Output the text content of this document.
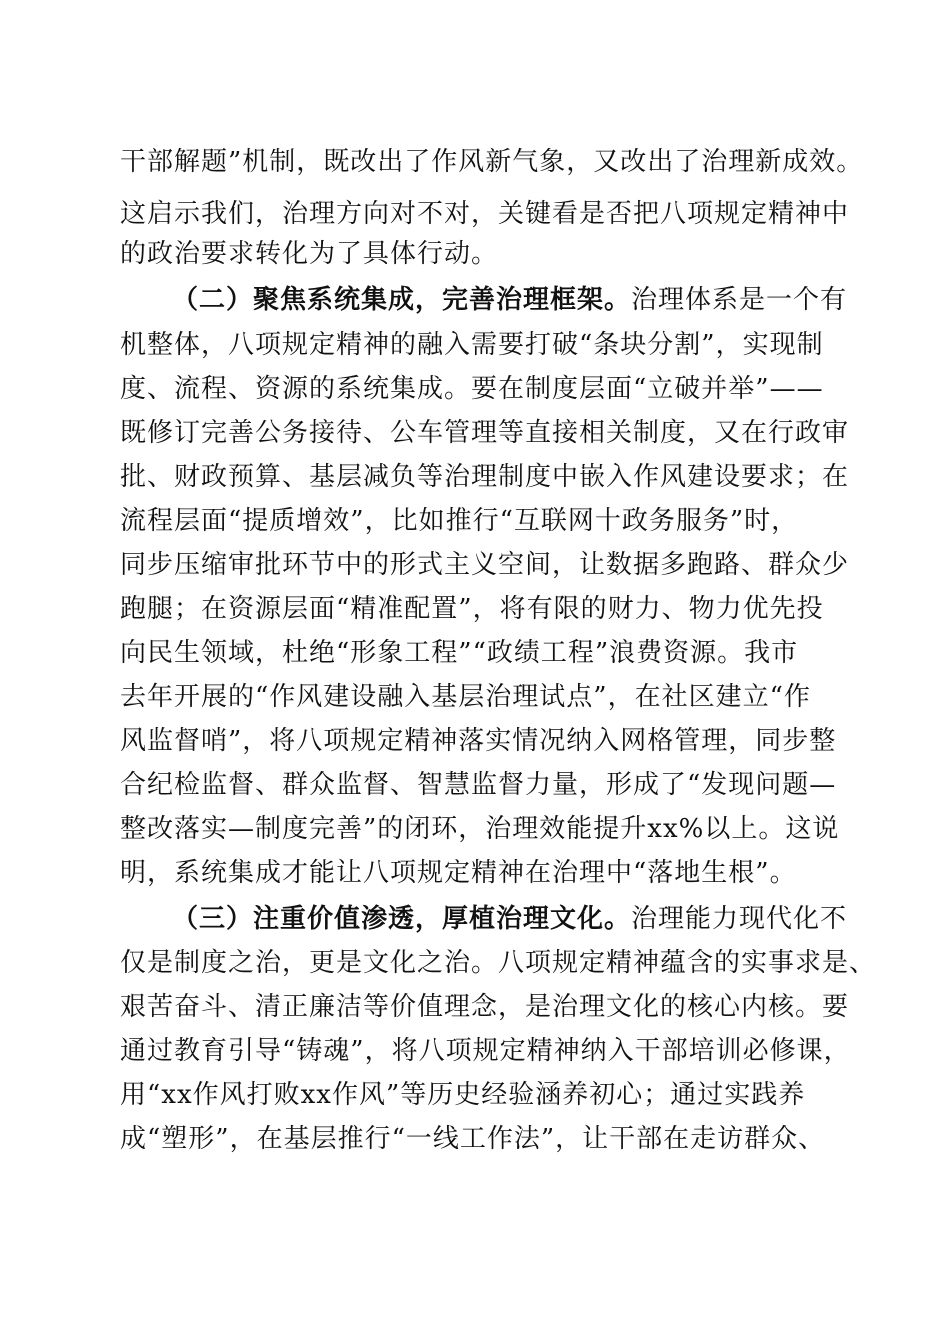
干部解题”机制，既改出了作风新气象，又改出了治理新成效。
这启示我们，治理方向对不对，关键看是否把八项规定精神中
的政治要求转化为了具体行动。
（二）聚焦系统集成，完善治理框架。治理体系是一个有
机整体，八项规定精神的融入需要打破“条块分割”，实现制
度、流程、资源的系统集成。要在制度层面“立破并举”——
既修订完善公务接待、公车管理等直接相关制度，又在行政审
批、财政预算、基层减负等治理制度中嵌入作风建设要求；在
流程层面“提质增效”，比如推行“互联网十政务服务”时，
同步压缩审批环节中的形式主义空间，让数据多跑路、群众少
跑腿；在资源层面“精准配置”，将有限的财力、物力优先投
向民生领域，杜绝“形象工程”“政绩工程”浪费资源。我市
去年开展的“作风建设融入基层治理试点”，在社区建立“作
风监督哨”，将八项规定精神落实情况纳入网格管理，同步整
合纪检监督、群众监督、智慧监督力量，形成了“发现问题—
整改落实—制度完善”的闭环，治理效能提升xx%以上。这说
明，系统集成才能让八项规定精神在治理中“落地生根”。
（三）注重价值渗透，厚植治理文化。治理能力现代化不
仅是制度之治，更是文化之治。八项规定精神蕴含的实事求是、
艰苦奋斗、清正廉洁等价值理念，是治理文化的核心内核。要
通过教育引导“铸魂”，将八项规定精神纳入干部培训必修课，
用“xx作风打败xx作风”等历史经验涵养初心；通过实践养
成“塑形”，在基层推行“一线工作法”，让干部在走访群众、
